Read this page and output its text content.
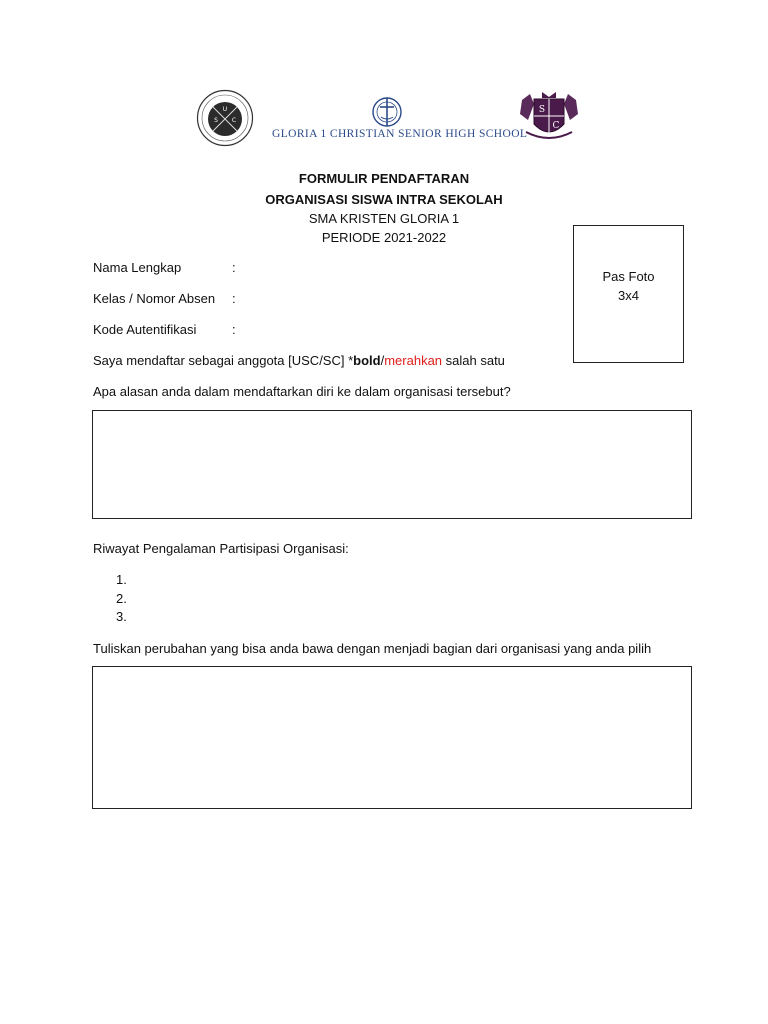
U
S C
GLORIA 1 CHRISTIAN SENIOR HIGH SCHOOL
S
C
FORMULIR PENDAFTARAN
ORGANISASI SISWA INTRA SEKOLAH
SMA KRISTEN GLORIA 1
PERIODE 2021-2022
Pas Foto
3x4
Nama Lengkap	:
Kelas / Nomor Absen :
Kode Autentifikasi	:
Saya mendaftar sebagai anggota [USC/SC] *bold/merahkan salah satu
Apa alasan anda dalam mendaftarkan diri ke dalam organisasi tersebut?
Riwayat Pengalaman Partisipasi Organisasi:
1.
2.
3.
Tuliskan perubahan yang bisa anda bawa dengan menjadi bagian dari organisasi yang anda pilih
